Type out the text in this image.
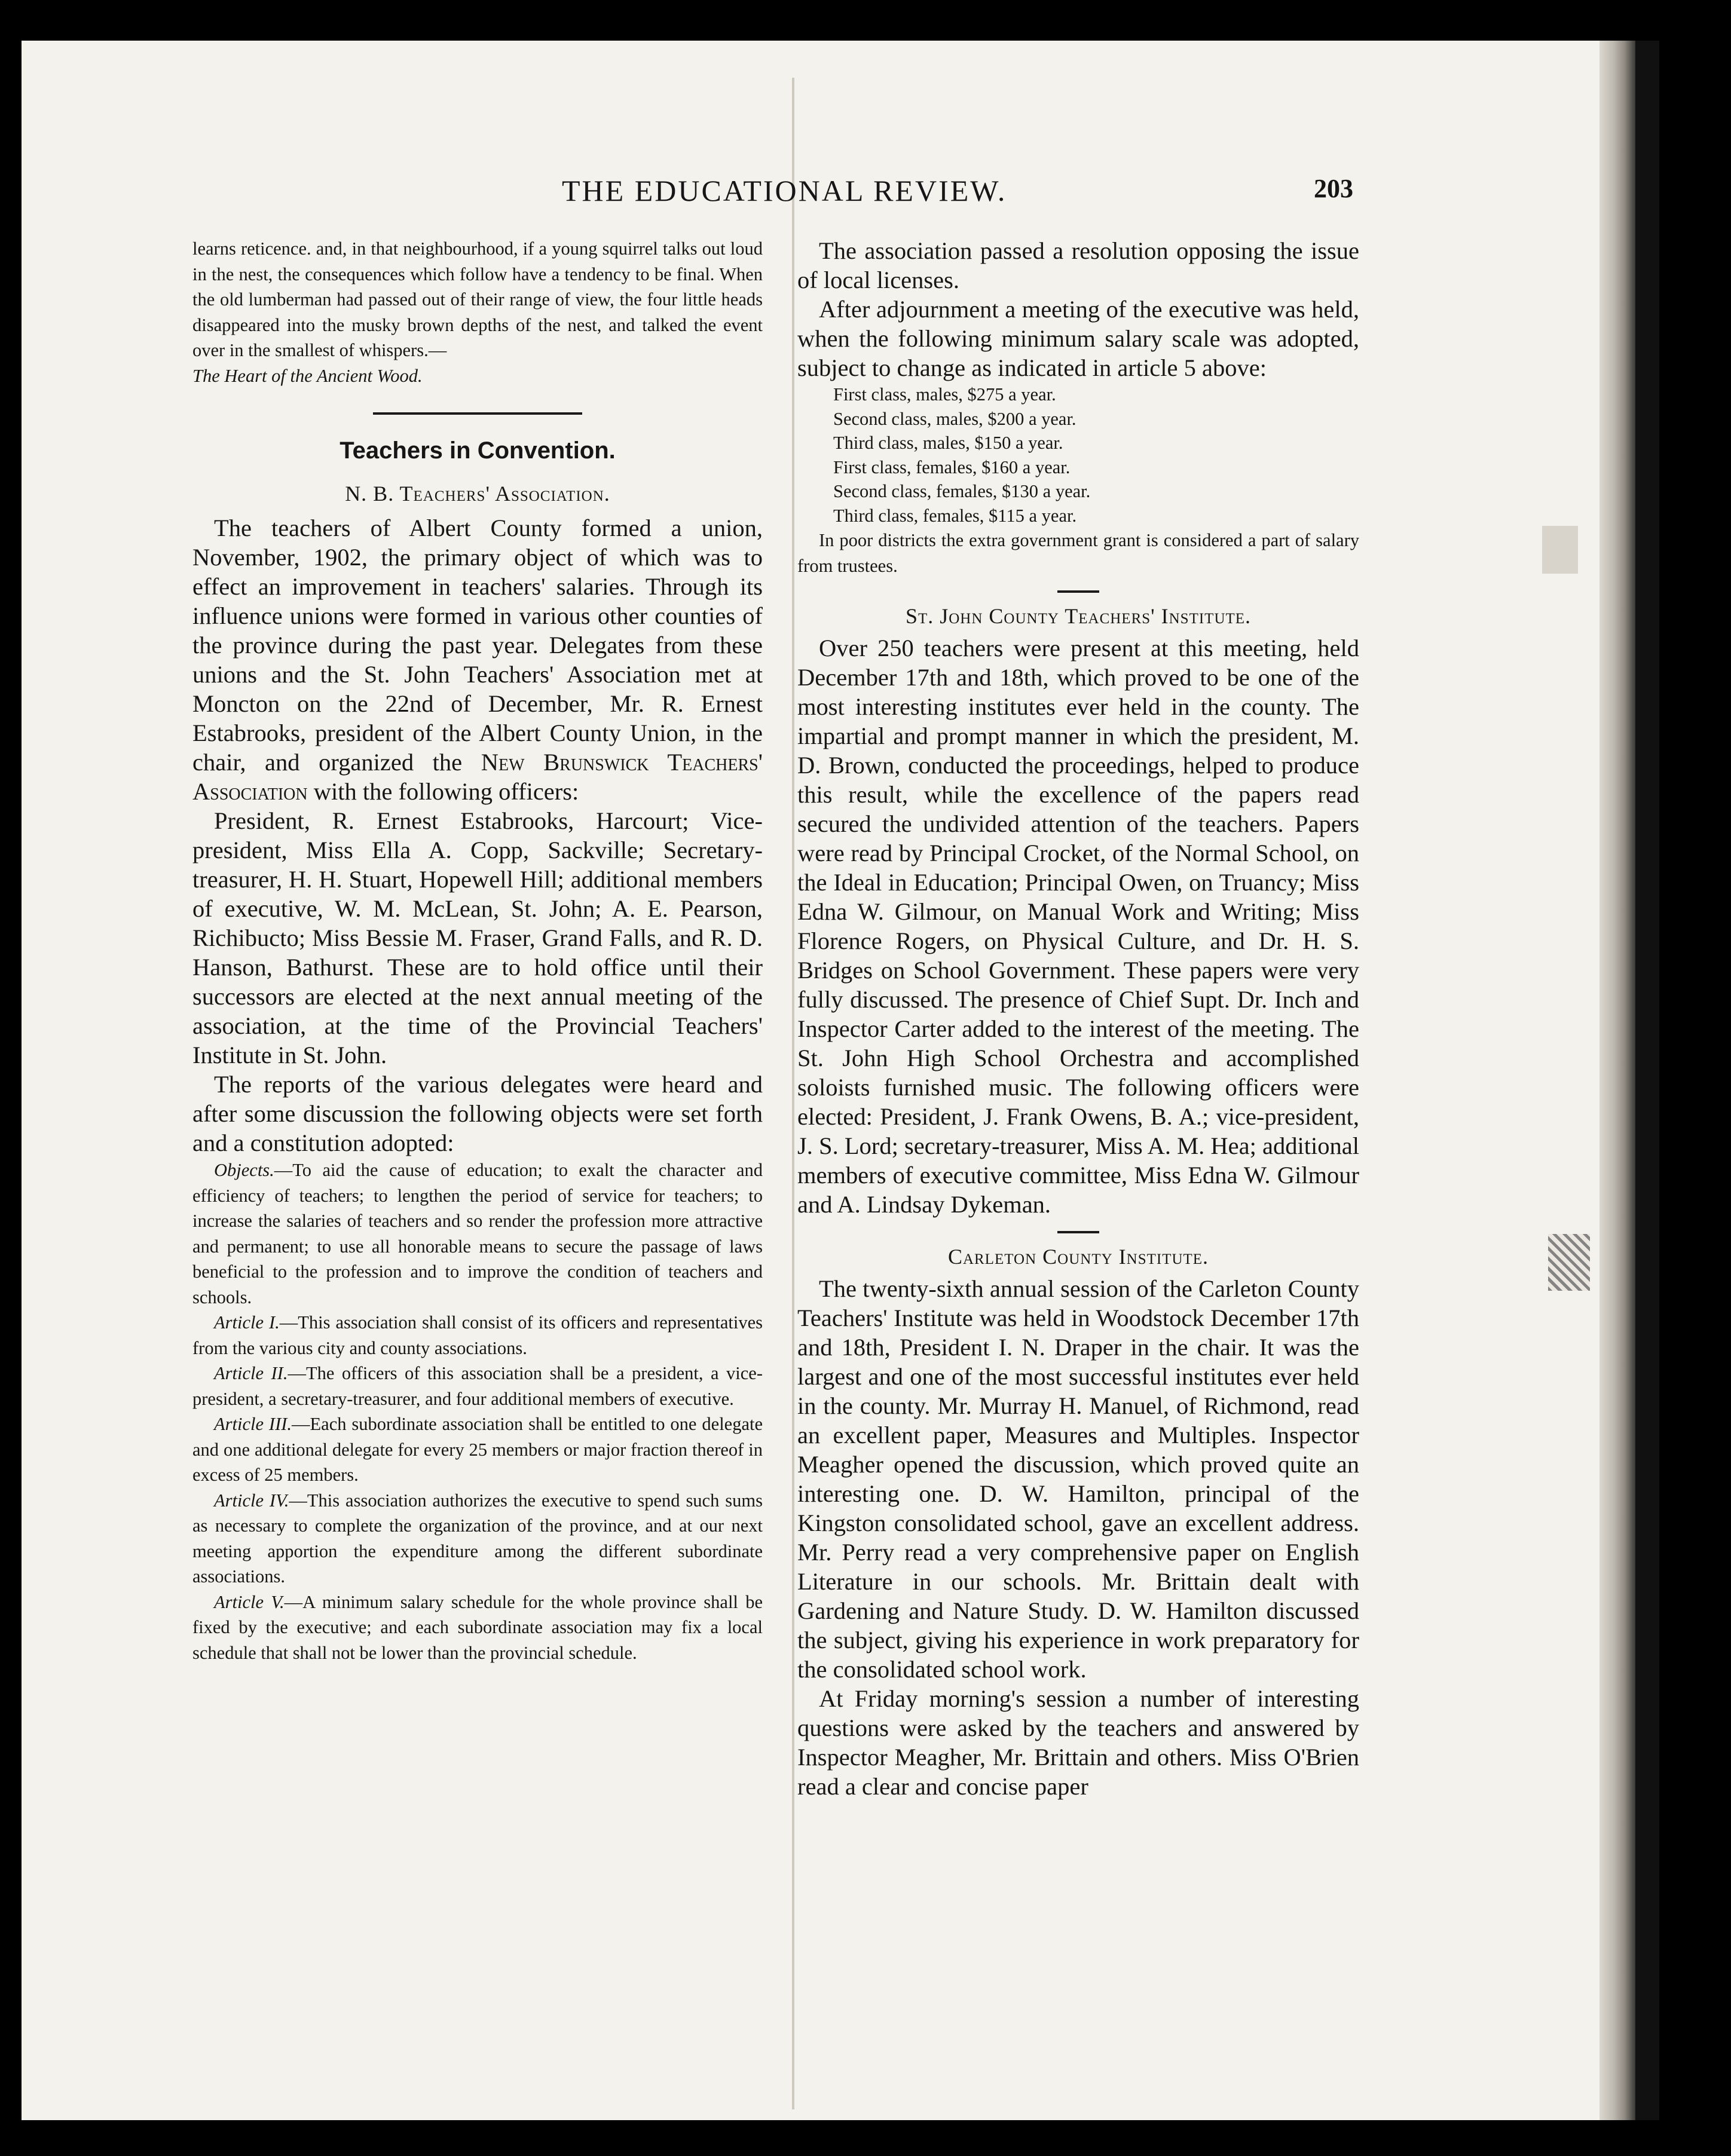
THE EDUCATIONAL REVIEW.	203

learns reticence. and, in that neighbourhood, if a young squirrel talks out loud in the nest, the consequences which follow have a tendency to be final. When the old lumberman had passed out of their range of view, the four little heads disappeared into the musky brown depths of the nest, and talked the event over in the smallest of whispers.—

The Heart of the Ancient Wood.

Teachers in Convention.

N. B. Teachers' Association.

The teachers of Albert County formed a union, November, 1902, the primary object of which was to effect an improvement in teachers' salaries. Through its influence unions were formed in various other counties of the province during the past year. Delegates from these unions and the St. John Teachers' Association met at Moncton on the 22nd of December, Mr. R. Ernest Estabrooks, president of the Albert County Union, in the chair, and organized the New Brunswick Teachers' Association with the following officers:

President, R. Ernest Estabrooks, Harcourt; Vice-president, Miss Ella A. Copp, Sackville; Secretary-treasurer, H. H. Stuart, Hopewell Hill; additional members of executive, W. M. McLean, St. John; A. E. Pearson, Richibucto; Miss Bessie M. Fraser, Grand Falls, and R. D. Hanson, Bathurst. These are to hold office until their successors are elected at the next annual meeting of the association, at the time of the Provincial Teachers' Institute in St. John.

The reports of the various delegates were heard and after some discussion the following objects were set forth and a constitution adopted:

Objects.—To aid the cause of education; to exalt the character and efficiency of teachers; to lengthen the period of service for teachers; to increase the salaries of teachers and so render the profession more attractive and permanent; to use all honorable means to secure the passage of laws beneficial to the profession and to improve the condition of teachers and schools.

Article I.—This association shall consist of its officers and representatives from the various city and county associations.

Article II.—The officers of this association shall be a president, a vice-president, a secretary-treasurer, and four additional members of executive.

Article III.—Each subordinate association shall be entitled to one delegate and one additional delegate for every 25 members or major fraction thereof in excess of 25 members.

Article IV.—This association authorizes the executive to spend such sums as necessary to complete the organization of the province, and at our next meeting apportion the expenditure among the different subordinate associations.

Article V.—A minimum salary schedule for the whole province shall be fixed by the executive; and each subordinate association may fix a local schedule that shall not be lower than the provincial schedule.

The association passed a resolution opposing the issue of local licenses.

After adjournment a meeting of the executive was held, when the following minimum salary scale was adopted, subject to change as indicated in article 5 above:

First class, males, $275 a year.
Second class, males, $200 a year.
Third class, males, $150 a year.
First class, females, $160 a year.
Second class, females, $130 a year.
Third class, females, $115 a year.

In poor districts the extra government grant is considered a part of salary from trustees.

St. John County Teachers' Institute.

Over 250 teachers were present at this meeting, held December 17th and 18th, which proved to be one of the most interesting institutes ever held in the county. The impartial and prompt manner in which the president, M. D. Brown, conducted the proceedings, helped to produce this result, while the excellence of the papers read secured the undivided attention of the teachers. Papers were read by Principal Crocket, of the Normal School, on the Ideal in Education; Principal Owen, on Truancy; Miss Edna W. Gilmour, on Manual Work and Writing; Miss Florence Rogers, on Physical Culture, and Dr. H. S. Bridges on School Government. These papers were very fully discussed. The presence of Chief Supt. Dr. Inch and Inspector Carter added to the interest of the meeting. The St. John High School Orchestra and accomplished soloists furnished music. The following officers were elected: President, J. Frank Owens, B. A.; vice-president, J. S. Lord; secretary-treasurer, Miss A. M. Hea; additional members of executive committee, Miss Edna W. Gilmour and A. Lindsay Dykeman.

Carleton County Institute.

The twenty-sixth annual session of the Carleton County Teachers' Institute was held in Woodstock December 17th and 18th, President I. N. Draper in the chair. It was the largest and one of the most successful institutes ever held in the county. Mr. Murray H. Manuel, of Richmond, read an excellent paper, Measures and Multiples. Inspector Meagher opened the discussion, which proved quite an interesting one. D. W. Hamilton, principal of the Kingston consolidated school, gave an excellent address. Mr. Perry read a very comprehensive paper on English Literature in our schools. Mr. Brittain dealt with Gardening and Nature Study. D. W. Hamilton discussed the subject, giving his experience in work preparatory for the consolidated school work.

At Friday morning's session a number of interesting questions were asked by the teachers and answered by Inspector Meagher, Mr. Brittain and others. Miss O'Brien read a clear and concise paper
